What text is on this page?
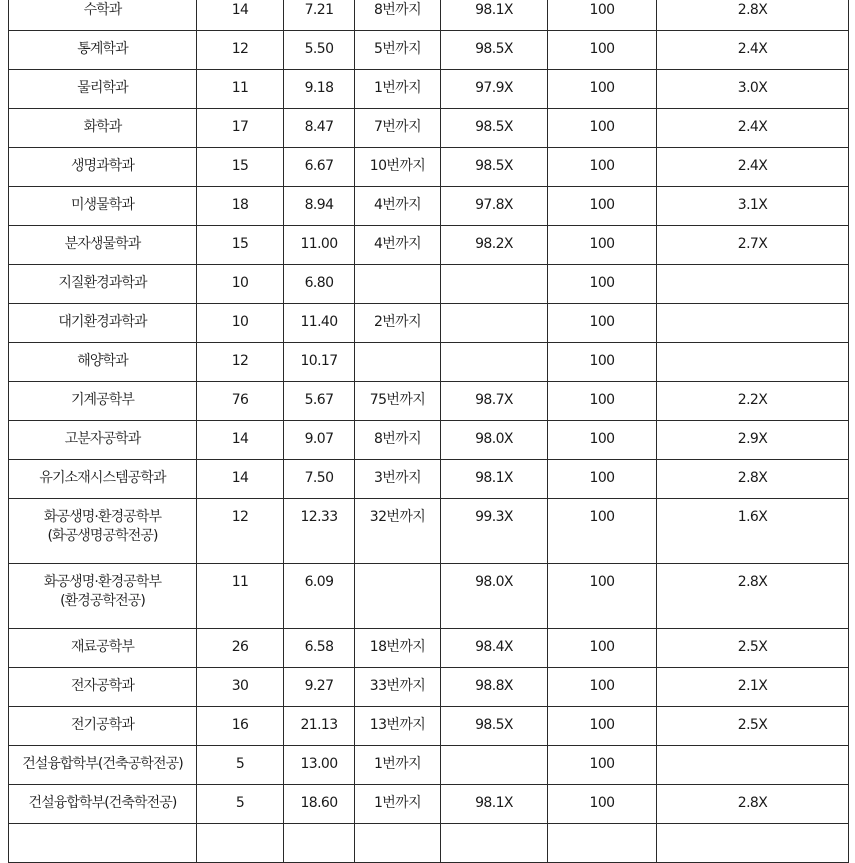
수학과	14	7.21	8번까지	98.1X	100	2.8X

통계학과	12	5.50	5번까지	98.5X	100	2.4X

물리학과	11	9.18	1번까지	97.9X	100	3.0X

화학과	17	8.47	7번까지	98.5X	100	2.4X

생명과학과	15	6.67	10번까지	98.5X	100	2.4X

미생물학과	18	8.94	4번까지	97.8X	100	3.1X

분자생물학과	15	11.00	4번까지	98.2X	100	2.7X

지질환경과학과	10	6.80			100	

대기환경과학과	10	11.40	2번까지		100	

해양학과	12	10.17			100	

기계공학부	76	5.67	75번까지	98.7X	100	2.2X

고분자공학과	14	9.07	8번까지	98.0X	100	2.9X

유기소재시스템공학과	14	7.50	3번까지	98.1X	100	2.8X

화공생명·환경공학부
(화공생명공학전공)	12	12.33	32번까지	99.3X	100	1.6X

화공생명·환경공학부
(환경공학전공)	11	6.09		98.0X	100	2.8X

재료공학부	26	6.58	18번까지	98.4X	100	2.5X

전자공학과	30	9.27	33번까지	98.8X	100	2.1X

전기공학과	16	21.13	13번까지	98.5X	100	2.5X

건설융합학부(건축공학전공)	5	13.00	1번까지		100	

건설융합학부(건축학전공)	5	18.60	1번까지	98.1X	100	2.8X
